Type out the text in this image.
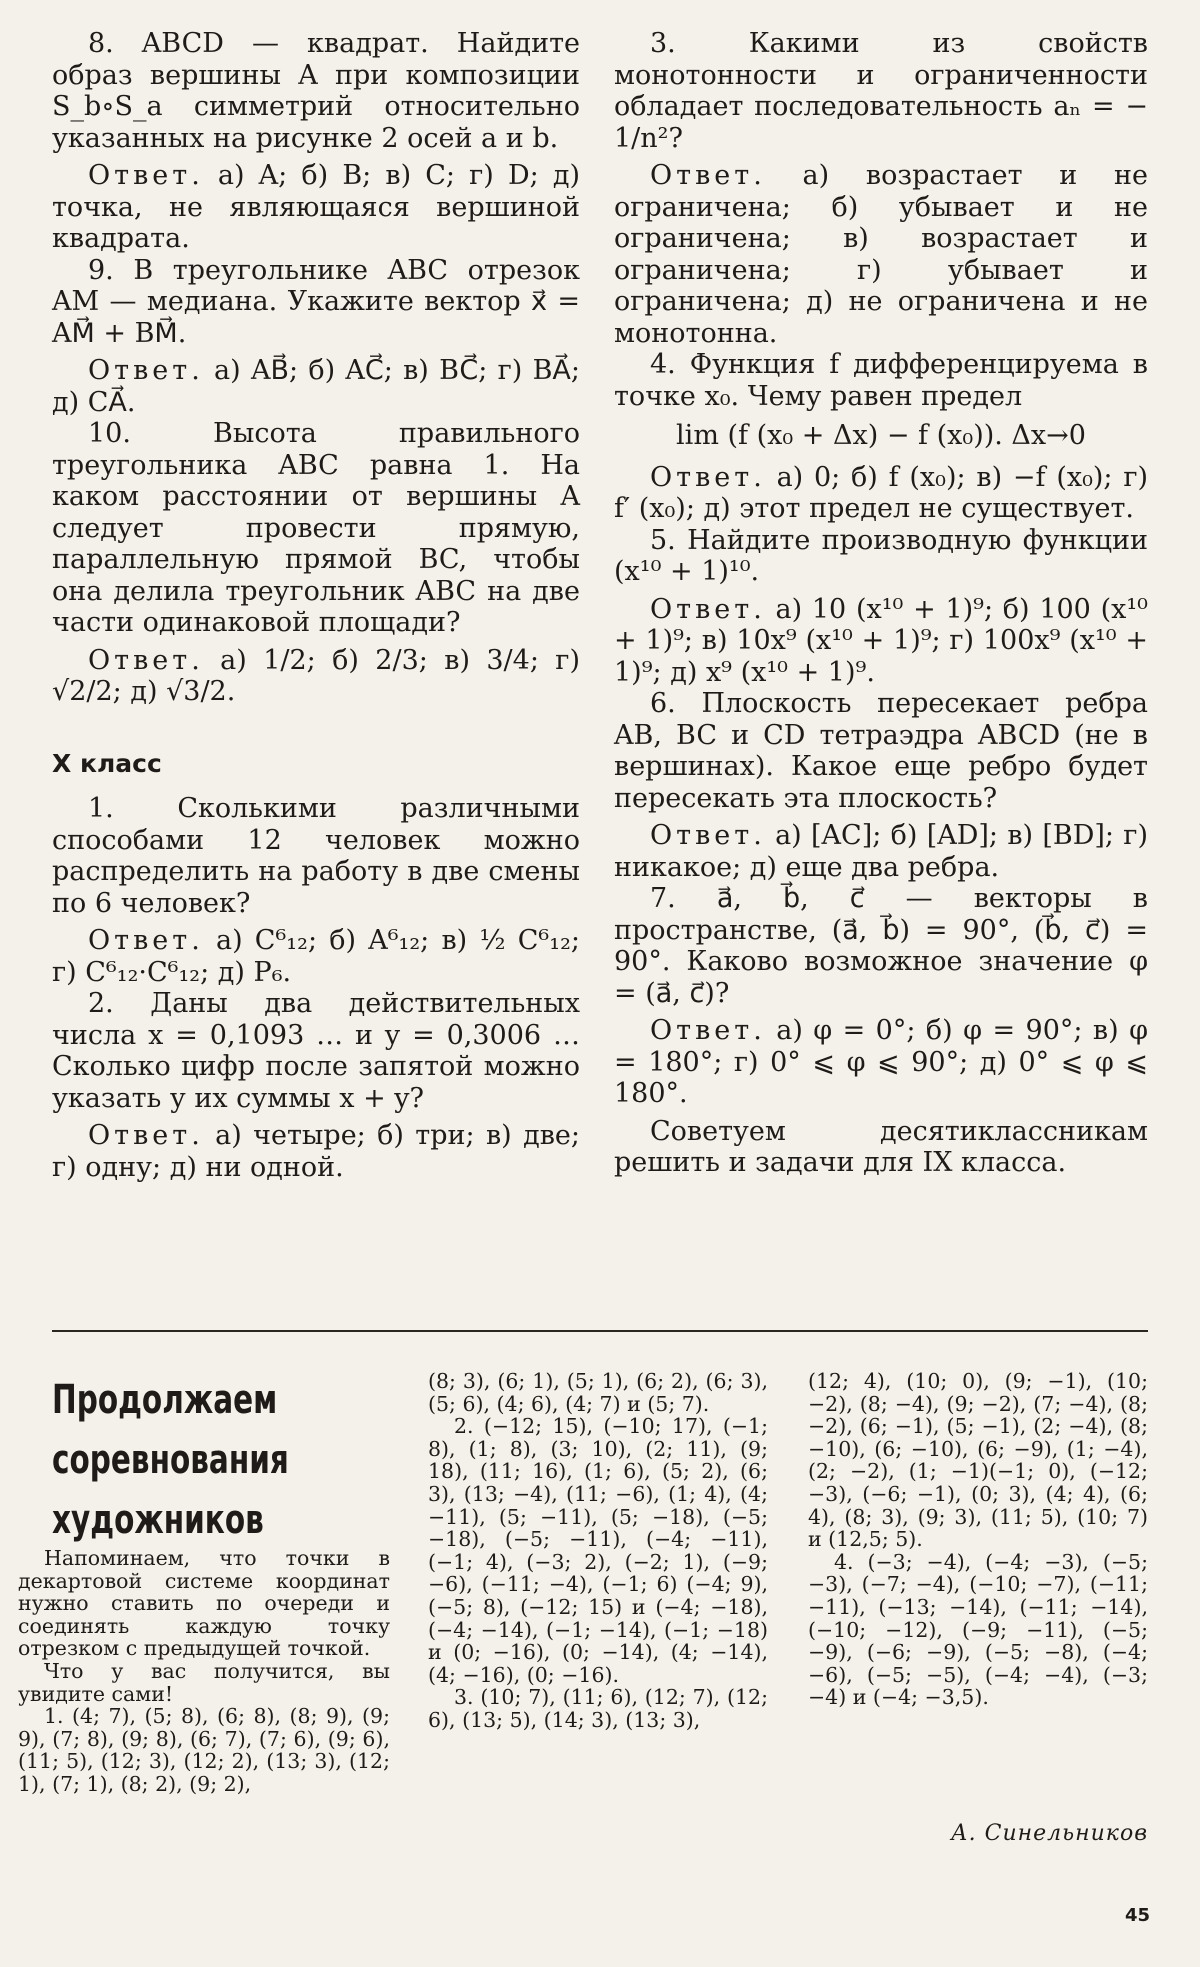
8. ABCD — квадрат. Найдите образ вершины A при композиции S_b∘S_a симметрий относительно указанных на рисунке 2 осей a и b.

Ответ. а) A; б) B; в) C; г) D; д) точка, не являющаяся вершиной квадрата.

9. В треугольнике ABC отрезок AM — медиана. Укажите вектор x⃗ = AM⃗ + BM⃗.

Ответ. а) AB⃗; б) AC⃗; в) BC⃗; г) BA⃗; д) CA⃗.

10. Высота правильного треугольника ABC равна 1. На каком расстоянии от вершины A следует провести прямую, параллельную прямой BC, чтобы она делила треугольник ABC на две части одинаковой площади?

Ответ. а) 1/2; б) 2/3; в) 3/4; г) √2/2; д) √3/2.

X класс

1. Сколькими различными способами 12 человек можно распределить на работу в две смены по 6 человек?

Ответ. а) C⁶₁₂; б) A⁶₁₂; в) ½ C⁶₁₂; г) C⁶₁₂·C⁶₁₂; д) P₆.

2. Даны два действительных числа x = 0,1093 … и y = 0,3006 … Сколько цифр после запятой можно указать у их суммы x + y?

Ответ. а) четыре; б) три; в) две; г) одну; д) ни одной.

3. Какими из свойств монотонности и ограниченности обладает последовательность aₙ = − 1/n²?

Ответ. а) возрастает и не ограничена; б) убывает и не ограничена; в) возрастает и ограничена; г) убывает и ограничена; д) не ограничена и не монотонна.

4. Функция f дифференцируема в точке x₀. Чему равен предел

lim (f (x₀ + Δx) − f (x₀)). Δx→0

Ответ. а) 0; б) f (x₀); в) −f (x₀); г) f′ (x₀); д) этот предел не существует.

5. Найдите производную функции (x¹⁰ + 1)¹⁰.

Ответ. а) 10 (x¹⁰ + 1)⁹; б) 100 (x¹⁰ + 1)⁹; в) 10x⁹ (x¹⁰ + 1)⁹; г) 100x⁹ (x¹⁰ + 1)⁹; д) x⁹ (x¹⁰ + 1)⁹.

6. Плоскость пересекает ребра AB, BC и CD тетраэдра ABCD (не в вершинах). Какое еще ребро будет пересекать эта плоскость?

Ответ. а) [AC]; б) [AD]; в) [BD]; г) никакое; д) еще два ребра.

7. a⃗, b⃗, c⃗ — векторы в пространстве, (a⃗, b⃗) = 90°, (b⃗, c⃗) = 90°. Каково возможное значение φ = (a⃗, c⃗)?

Ответ. а) φ = 0°; б) φ = 90°; в) φ = 180°; г) 0° ⩽ φ ⩽ 90°; д) 0° ⩽ φ ⩽ 180°.

Советуем десятиклассникам решить и задачи для IX класса.

Продолжаем соревнования художников

Напоминаем, что точки в декартовой системе координат нужно ставить по очереди и соединять каждую точку отрезком с предыдущей точкой.

Что у вас получится, вы увидите сами!

1. (4; 7), (5; 8), (6; 8), (8; 9), (9; 9), (7; 8), (9; 8), (6; 7), (7; 6), (9; 6), (11; 5), (12; 3), (12; 2), (13; 3), (12; 1), (7; 1), (8; 2), (9; 2),

(8; 3), (6; 1), (5; 1), (6; 2), (6; 3), (5; 6), (4; 6), (4; 7) и (5; 7).

2. (−12; 15), (−10; 17), (−1; 8), (1; 8), (3; 10), (2; 11), (9; 18), (11; 16), (1; 6), (5; 2), (6; 3), (13; −4), (11; −6), (1; 4), (4; −11), (5; −11), (5; −18), (−5; −18), (−5; −11), (−4; −11), (−1; 4), (−3; 2), (−2; 1), (−9; −6), (−11; −4), (−1; 6) (−4; 9), (−5; 8), (−12; 15) и (−4; −18), (−4; −14), (−1; −14), (−1; −18) и (0; −16), (0; −14), (4; −14), (4; −16), (0; −16).

3. (10; 7), (11; 6), (12; 7), (12; 6), (13; 5), (14; 3), (13; 3),

(12; 4), (10; 0), (9; −1), (10; −2), (8; −4), (9; −2), (7; −4), (8; −2), (6; −1), (5; −1), (2; −4), (8; −10), (6; −10), (6; −9), (1; −4), (2; −2), (1; −1)(−1; 0), (−12; −3), (−6; −1), (0; 3), (4; 4), (6; 4), (8; 3), (9; 3), (11; 5), (10; 7) и (12,5; 5).

4. (−3; −4), (−4; −3), (−5; −3), (−7; −4), (−10; −7), (−11; −11), (−13; −14), (−11; −14), (−10; −12), (−9; −11), (−5; −9), (−6; −9), (−5; −8), (−4; −6), (−5; −5), (−4; −4), (−3; −4) и (−4; −3,5).

А. Синельников
45
